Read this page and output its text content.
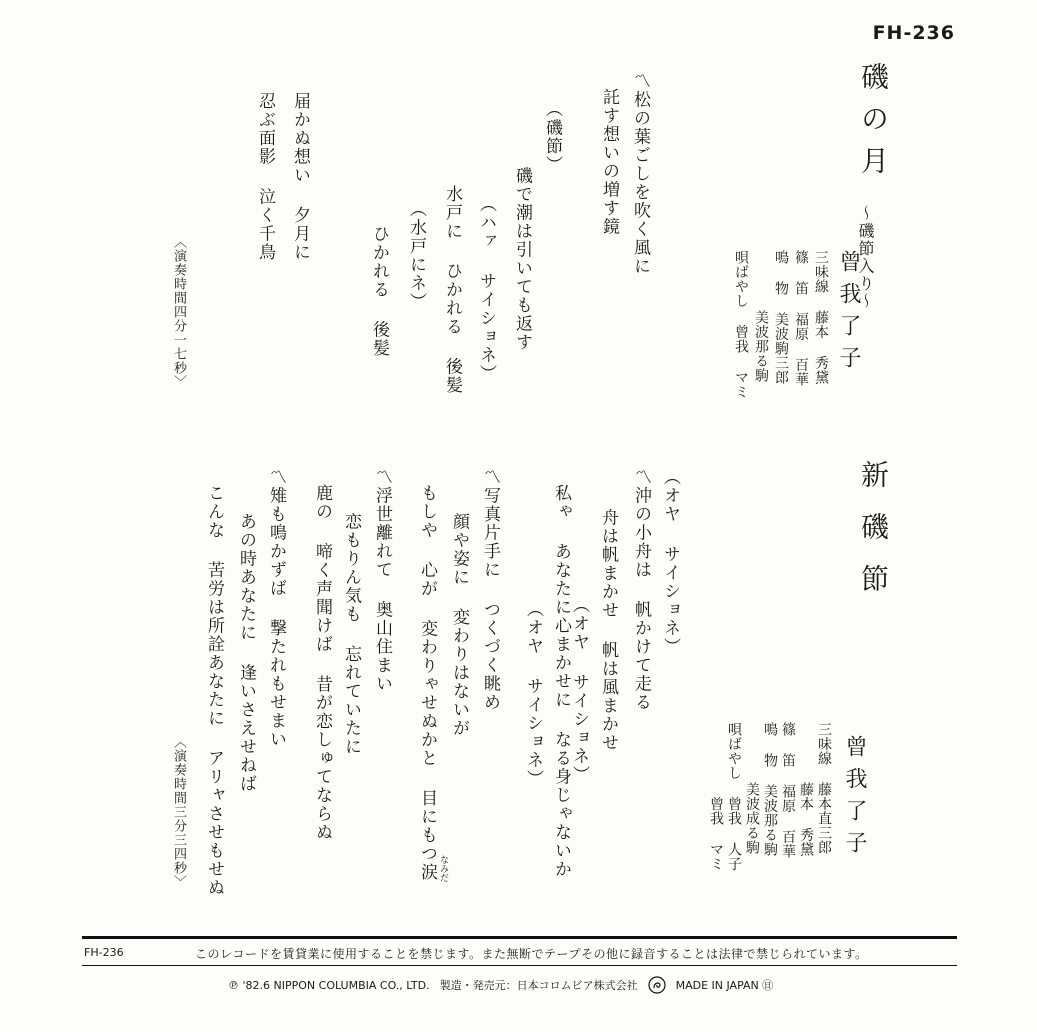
FH-236
磯の月
〜磯節入り〜
曾我了子
三味線 藤本 秀黛
篠 笛 福原 百華
鳴 物 美波駒三郎
　　　 美波那る駒
唄ばやし 曾我 マミ
〽松の葉ごしを吹く風に
託す想いの増す鏡
（磯節）
　磯で潮は引いても返す
　（ハァ サイショネ）
水戸に ひかれる 後髪
　（水戸にネ）
ひかれる 後髪
届かぬ想い 夕月に
忍ぶ面影 泣く千鳥
〈演奏時間四分一七秒〉
新磯節
曾我了子
三味線 藤本直三郎
　　　 藤本 秀黛
篠 笛 福原 百華
鳴 物 美波那る駒
　　　 美波成る駒
唄ばやし 曾我 人子
　　　　 曾我 マミ
（オヤ サイショネ）
〽沖の小舟は 帆かけて走る
　舟は帆まかせ 帆は風まかせ
　（オヤ サイショネ）
私ゃ あなたに心まかせに なる身じゃないか
　（オヤ サイショネ）
〽写真片手に つくづく眺め
　顔や姿に 変わりはないが
もしや 心が 変わりゃせぬかと 目にもつ涙 なみだ
〽浮世離れて 奥山住まい
　恋もりん気も 忘れていたに
鹿の 啼く声聞けば 昔が恋しゅてならぬ
〽雉も鳴かずば 撃たれもせまい
　あの時あなたに 逢いさえせねば
こんな 苦労は所詮あなたに アリャさせもせぬ
〈演奏時間三分三四秒〉
FH-236	このレコードを賃貸業に使用することを禁じます。また無断でテープその他に録音することは法律で禁じられています。
℗ '82.6 NIPPON COLUMBIA CO., LTD. 製造・発売元：日本コロムビア株式会社	MADE IN JAPAN ㊐
